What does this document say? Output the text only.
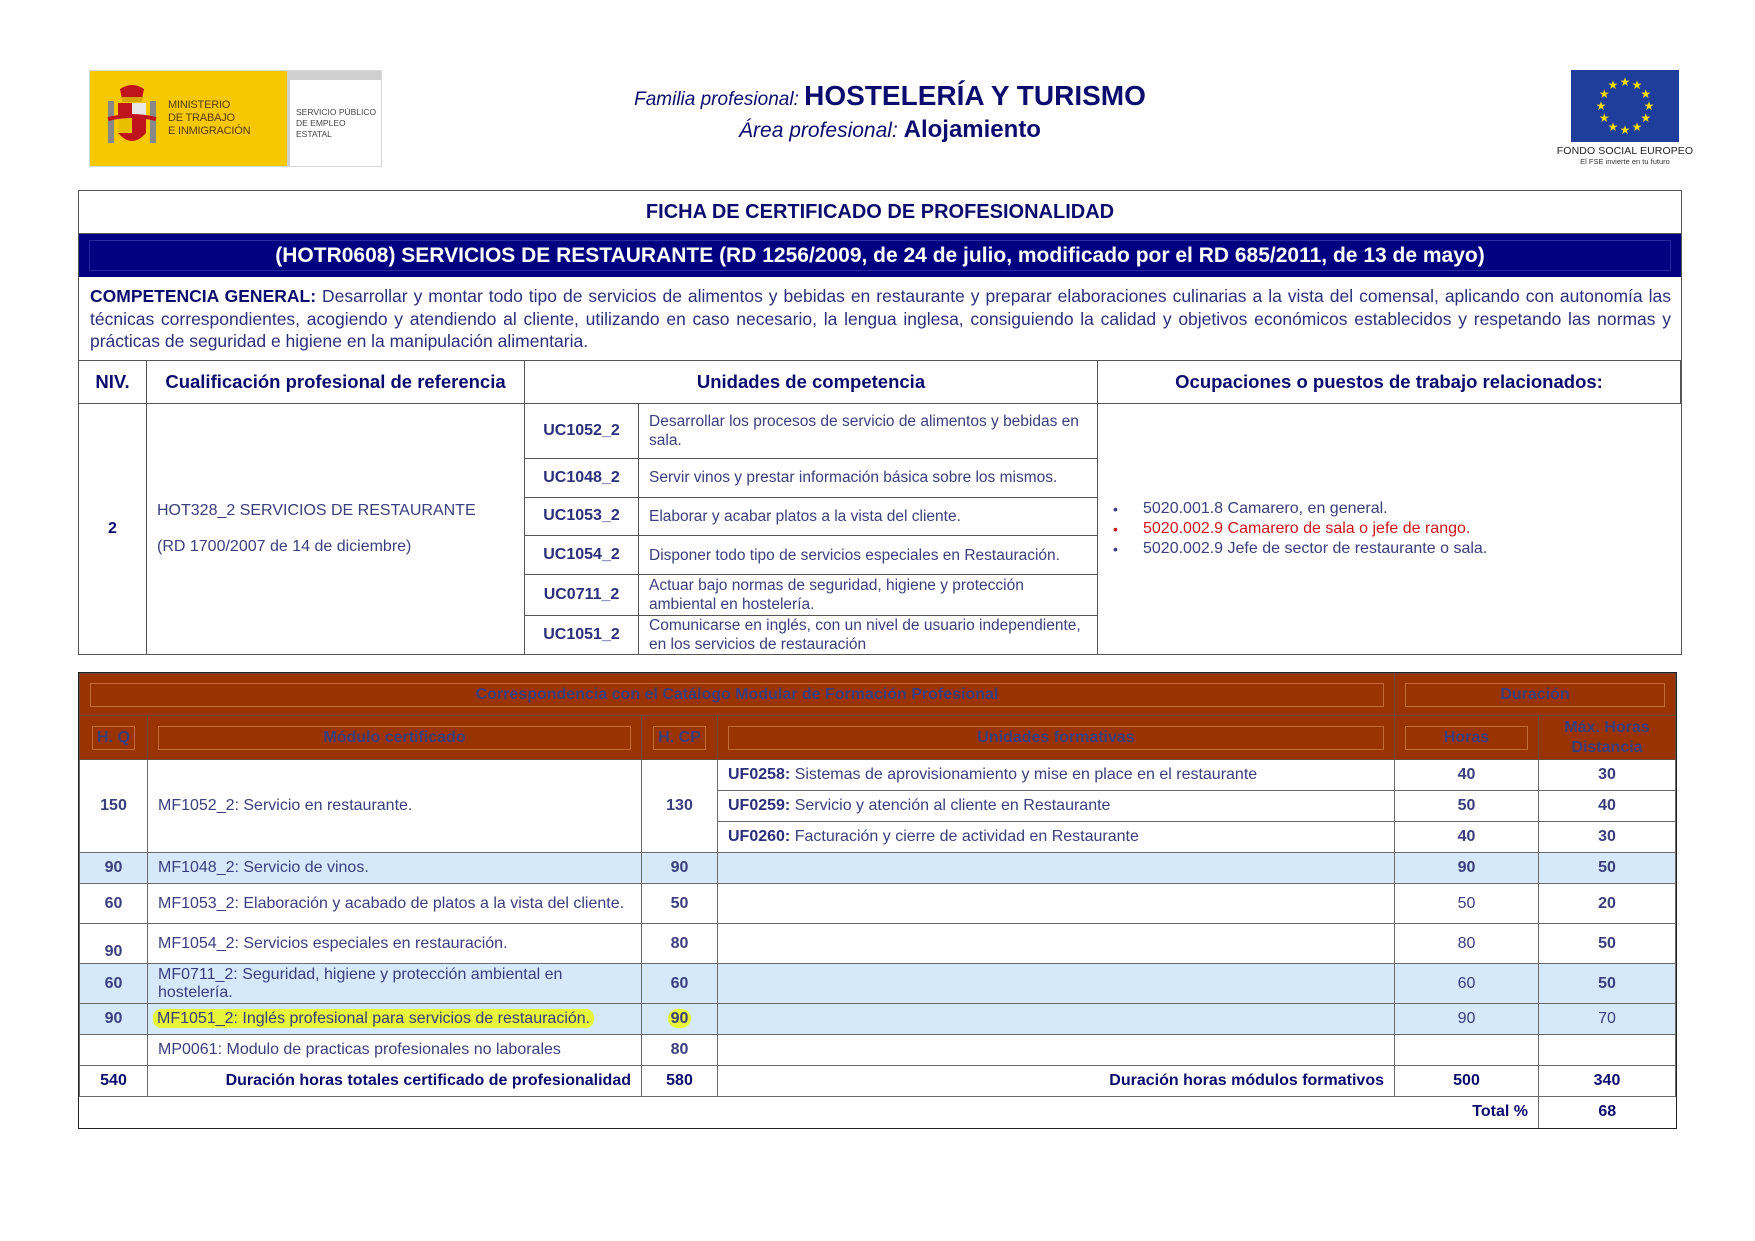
MINISTERIO
DE TRABAJO
E INMIGRACIÓN
SERVICIO PÚBLICO
DE EMPLEO ESTATAL
Familia profesional: HOSTELERÍA Y TURISMO
Área profesional: Alojamiento
★ ★
★
★
★
★
★
★
★
★
★
★
FONDO SOCIAL EUROPEO
El FSE invierte en tu futuro
FICHA DE CERTIFICADO DE PROFESIONALIDAD
(HOTR0608) SERVICIOS DE RESTAURANTE (RD 1256/2009, de 24 de julio, modificado por el RD 685/2011, de 13 de mayo)
COMPETENCIA GENERAL: Desarrollar y montar todo tipo de servicios de alimentos y bebidas en restaurante y preparar elaboraciones culinarias a la vista del comensal, aplicando con autonomía las técnicas correspondientes, acogiendo y atendiendo al cliente, utilizando en caso necesario, la lengua inglesa, consiguiendo la calidad y objetivos económicos establecidos y respetando las normas y prácticas de seguridad e higiene en la manipulación alimentaria.
NIV.	Cualificación profesional de referencia	Unidades de competencia	Ocupaciones o puestos de trabajo relacionados:
2

HOT328_2 SERVICIOS DE RESTAURANTE

(RD 1700/2007 de 14 de diciembre)

UC1052_2
Desarrollar los procesos de servicio de alimentos y bebidas en sala.
UC1048_2	Servir vinos y prestar información básica sobre los mismos.
UC1053_2	Elaborar y acabar platos a la vista del cliente.
UC1054_2	Disponer todo tipo de servicios especiales en Restauración.
UC0711_2
Actuar bajo normas de seguridad, higiene y protección ambiental en hostelería.
UC1051_2
Comunicarse en inglés, con un nivel de usuario independiente, en los servicios de restauración
• 5020.001.8 Camarero, en general.
• 5020.002.9 Camarero de sala o jefe de rango.
• 5020.002.9 Jefe de sector de restaurante o sala.
Correspondencia con el Catálogo Modular de Formación Profesional				Duración	

H. Q	Módulo certificado	H. CP	Unidades formativas	Horas	Máx. Horas Distancia
150	MF1052_2: Servicio en restaurante.	130	UF0258: Sistemas de aprovisionamiento y mise en place en el restaurante	40	30
			UF0259: Servicio y atención al cliente en Restaurante	50	40
			UF0260: Facturación y cierre de actividad en Restaurante	40	30
90	MF1048_2: Servicio de vinos.	90		90	50
60	MF1053_2: Elaboración y acabado de platos a la vista del cliente.	50		50	20
90	MF1054_2: Servicios especiales en restauración.	80		80	50
60	MF0711_2: Seguridad, higiene y protección ambiental en hostelería.	60		60	50
90	MF1051_2: Inglés profesional para servicios de restauración.	90		90	70
	MP0061: Modulo de practicas profesionales no laborales	80			
540	Duración horas totales certificado de profesionalidad	580	Duración horas módulos formativos	500	340
Total %					68
